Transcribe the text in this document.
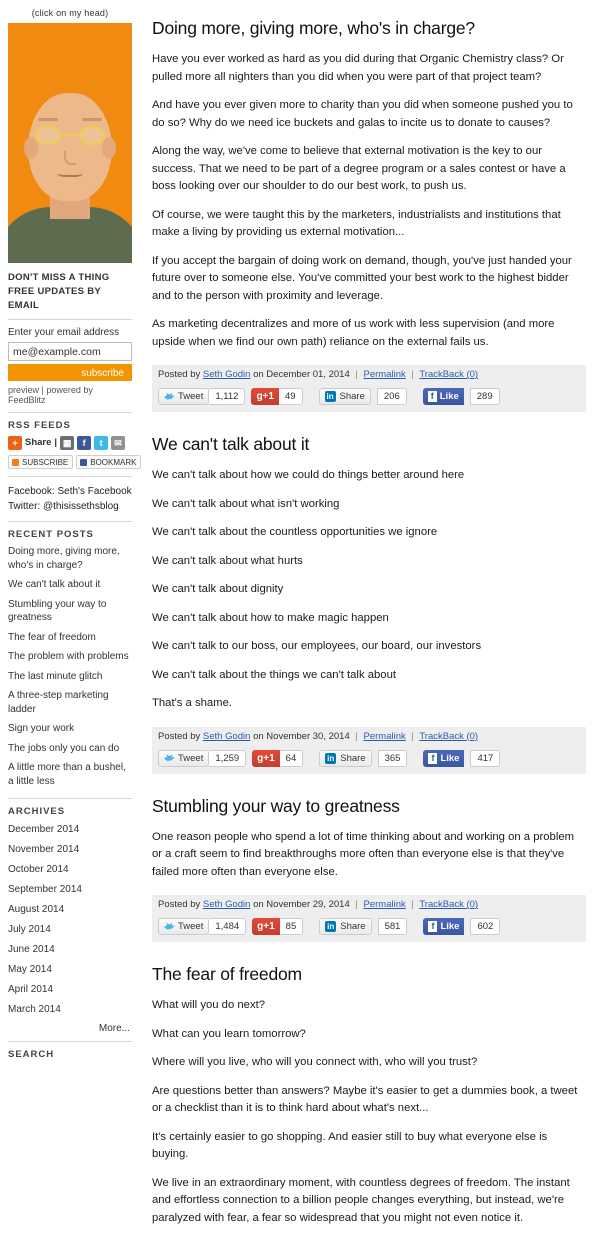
(click on my head)
DON'T MISS A THING
FREE UPDATES BY EMAIL
Enter your email address
me@example.com subscribe
preview | powered by FeedBlitz
RSS FEEDS
+ Share | ▦	f	t	✉
SUBSCRIBE	BOOKMARK
Facebook: Seth's Facebook
Twitter: @thisissethsblog
RECENT POSTS
Doing more, giving more, who's in charge?
We can't talk about it
Stumbling your way to greatness
The fear of freedom
The problem with problems
The last minute glitch
A three-step marketing ladder
Sign your work
The jobs only you can do
A little more than a bushel, a little less
ARCHIVES
December 2014
November 2014
October 2014
September 2014
August 2014
July 2014
June 2014
May 2014
April 2014
March 2014
More...
SEARCH
Doing more, giving more, who's in charge?

Have you ever worked as hard as you did during that Organic Chemistry class? Or pulled more all nighters than you did when you were part of that project team?

And have you ever given more to charity than you did when someone pushed you to do so? Why do we need ice buckets and galas to incite us to donate to causes?

Along the way, we've come to believe that external motivation is the key to our success. That we need to be part of a degree program or a sales contest or have a boss looking over our shoulder to do our best work, to push us.

Of course, we were taught this by the marketers, industrialists and institutions that make a living by providing us external motivation...

If you accept the bargain of doing work on demand, though, you've just handed your future over to someone else. You've committed your best work to the highest bidder and to the person with proximity and leverage.

As marketing decentralizes and more of us work with less supervision (and more upside when we find our own path) reliance on the external fails us.

Posted by Seth Godin on December 01, 2014 | Permalink | TrackBack (0)
Tweet	1,112	g+1	49	in Share	206	f Like	289
We can't talk about it

We can't talk about how we could do things better around here

We can't talk about what isn't working

We can't talk about the countless opportunities we ignore

We can't talk about what hurts

We can't talk about dignity

We can't talk about how to make magic happen

We can't talk to our boss, our employees, our board, our investors

We can't talk about the things we can't talk about

That's a shame.

Posted by Seth Godin on November 30, 2014 | Permalink | TrackBack (0)
Tweet	1,259	g+1	64	in Share	365	f Like	417
Stumbling your way to greatness

One reason people who spend a lot of time thinking about and working on a problem or a craft seem to find breakthroughs more often than everyone else is that they've failed more often than everyone else.

Posted by Seth Godin on November 29, 2014 | Permalink | TrackBack (0)
Tweet	1,484	g+1	85	in Share	581	f Like	602
The fear of freedom

What will you do next?

What can you learn tomorrow?

Where will you live, who will you connect with, who will you trust?

Are questions better than answers? Maybe it's easier to get a dummies book, a tweet or a checklist than it is to think hard about what's next...

It's certainly easier to go shopping. And easier still to buy what everyone else is buying.

We live in an extraordinary moment, with countless degrees of freedom. The instant and effortless connection to a billion people changes everything, but instead, we're paralyzed with fear, a fear so widespread that you might not even notice it.
